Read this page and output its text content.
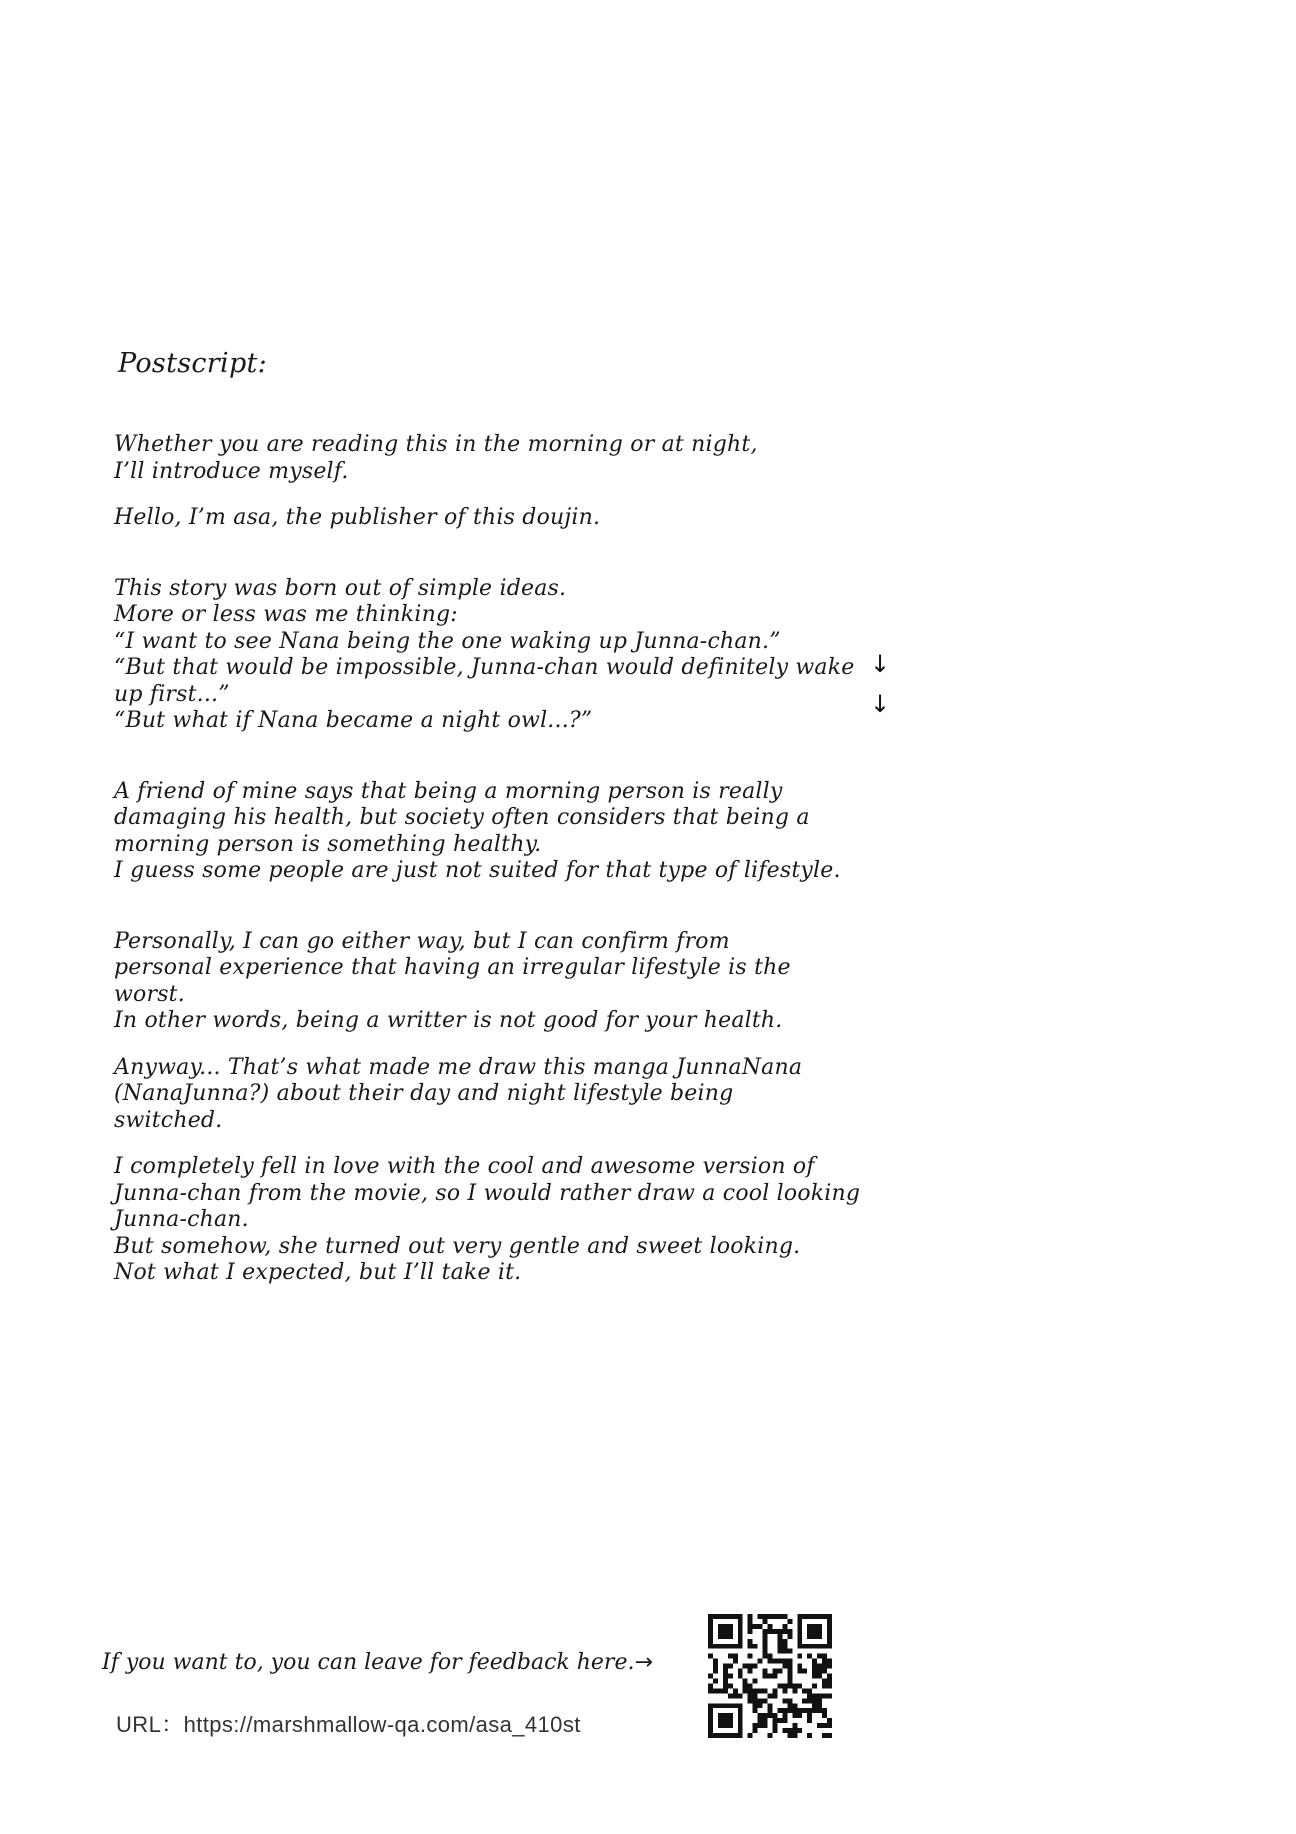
Postscript:

Whether you are reading this in the morning or at night,
I’ll introduce myself.

Hello, I’m asa, the publisher of this doujin.

This story was born out of simple ideas.
More or less was me thinking:
“I want to see Nana being the one waking up Junna-chan.”
“But that would be impossible, Junna-chan would definitely wake
up first...”
“But what if Nana became a night owl...?”

A friend of mine says that being a morning person is really
damaging his health, but society often considers that being a
morning person is something healthy.
I guess some people are just not suited for that type of lifestyle.

Personally, I can go either way, but I can confirm from
personal experience that having an irregular lifestyle is the
worst.
In other words, being a writter is not good for your health.

Anyway... That’s what made me draw this manga JunnaNana
(NanaJunna?) about their day and night lifestyle being
switched.

I completely fell in love with the cool and awesome version of
Junna-chan from the movie, so I would rather draw a cool looking
Junna-chan.
But somehow, she turned out very gentle and sweet looking.
Not what I expected, but I’ll take it.

↓
↓
If you want to, you can leave for feedback here.→
URL：https://marshmallow-qa.com/asa_410st
